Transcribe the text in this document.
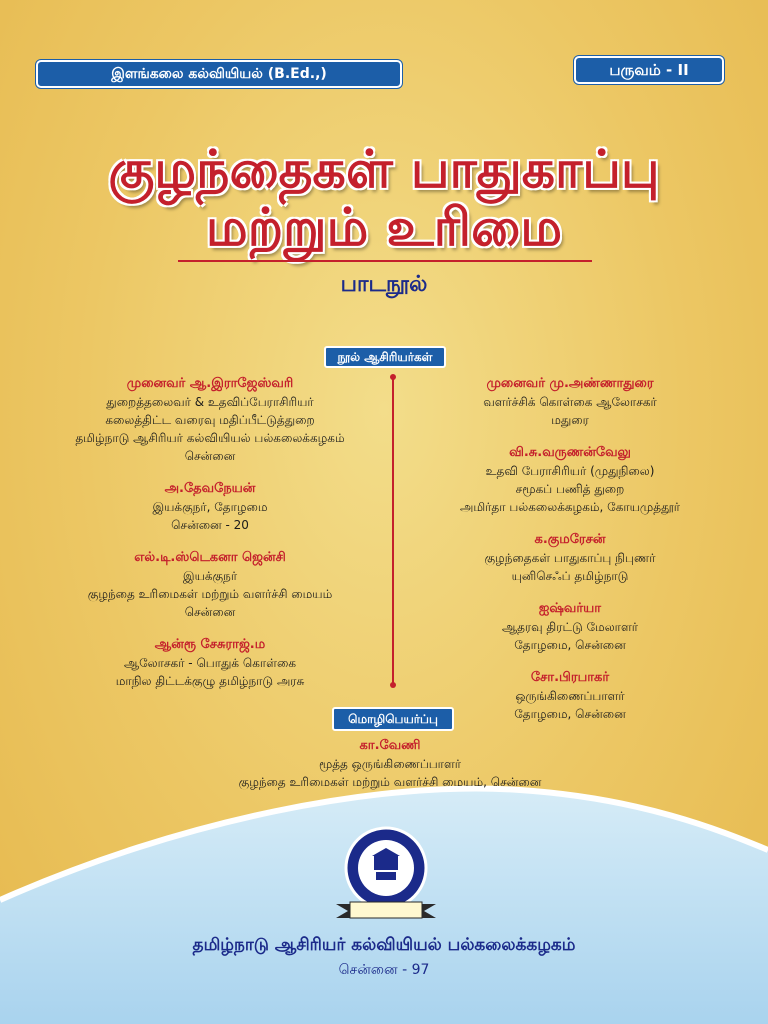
இளங்கலை கல்வியியல் (B.Ed.,)	பருவம் - II
குழந்தைகள் பாதுகாப்பு
மற்றும் உரிமை
பாடநூல்
நூல் ஆசிரியர்கள்
முனைவர் ஆ.இராஜேஸ்வரி
துறைத்தலைவர் & உதவிப்பேராசிரியர்
கலைத்திட்ட வரைவு மதிப்பீட்டுத்துறை
தமிழ்நாடு ஆசிரியர் கல்வியியல் பல்கலைக்கழகம்
சென்னை
அ.தேவநேயன்
இயக்குநர், தோழமை
சென்னை - 20
எல்.டி.ஸ்டெகனா ஜென்சி
இயக்குநர்
குழந்தை உரிமைகள் மற்றும் வளர்ச்சி மையம்
சென்னை
ஆன்ரூ சேசுராஜ்.ம
ஆலோசகர் - பொதுக் கொள்கை
மாநில திட்டக்குழு தமிழ்நாடு அரசு
முனைவர் மு.அண்ணாதுரை
வளர்ச்சிக் கொள்கை ஆலோசகர்
மதுரை
வி.சு.வருணன்வேலு
உதவி பேராசிரியர் (முதுநிலை)
சமூகப் பணித் துறை
அமிர்தா பல்கலைக்கழகம், கோயமுத்தூர்
க.குமரேசன்
குழந்தைகள் பாதுகாப்பு நிபுணர்
யுனிசெஃப் தமிழ்நாடு
ஐஷ்வர்யா
ஆதரவு திரட்டு மேலாளர்
தோழமை, சென்னை
சோ.பிரபாகர்
ஒருங்கிணைப்பாளர்
தோழமை, சென்னை
மொழிபெயர்ப்பு
கா.வேணி
மூத்த ஒருங்கிணைப்பாளர்
குழந்தை உரிமைகள் மற்றும் வளர்ச்சி மையம், சென்னை
தமிழ்நாடு ஆசிரியர் கல்வியியல் பல்கலைக்கழகம்
சென்னை - 97
